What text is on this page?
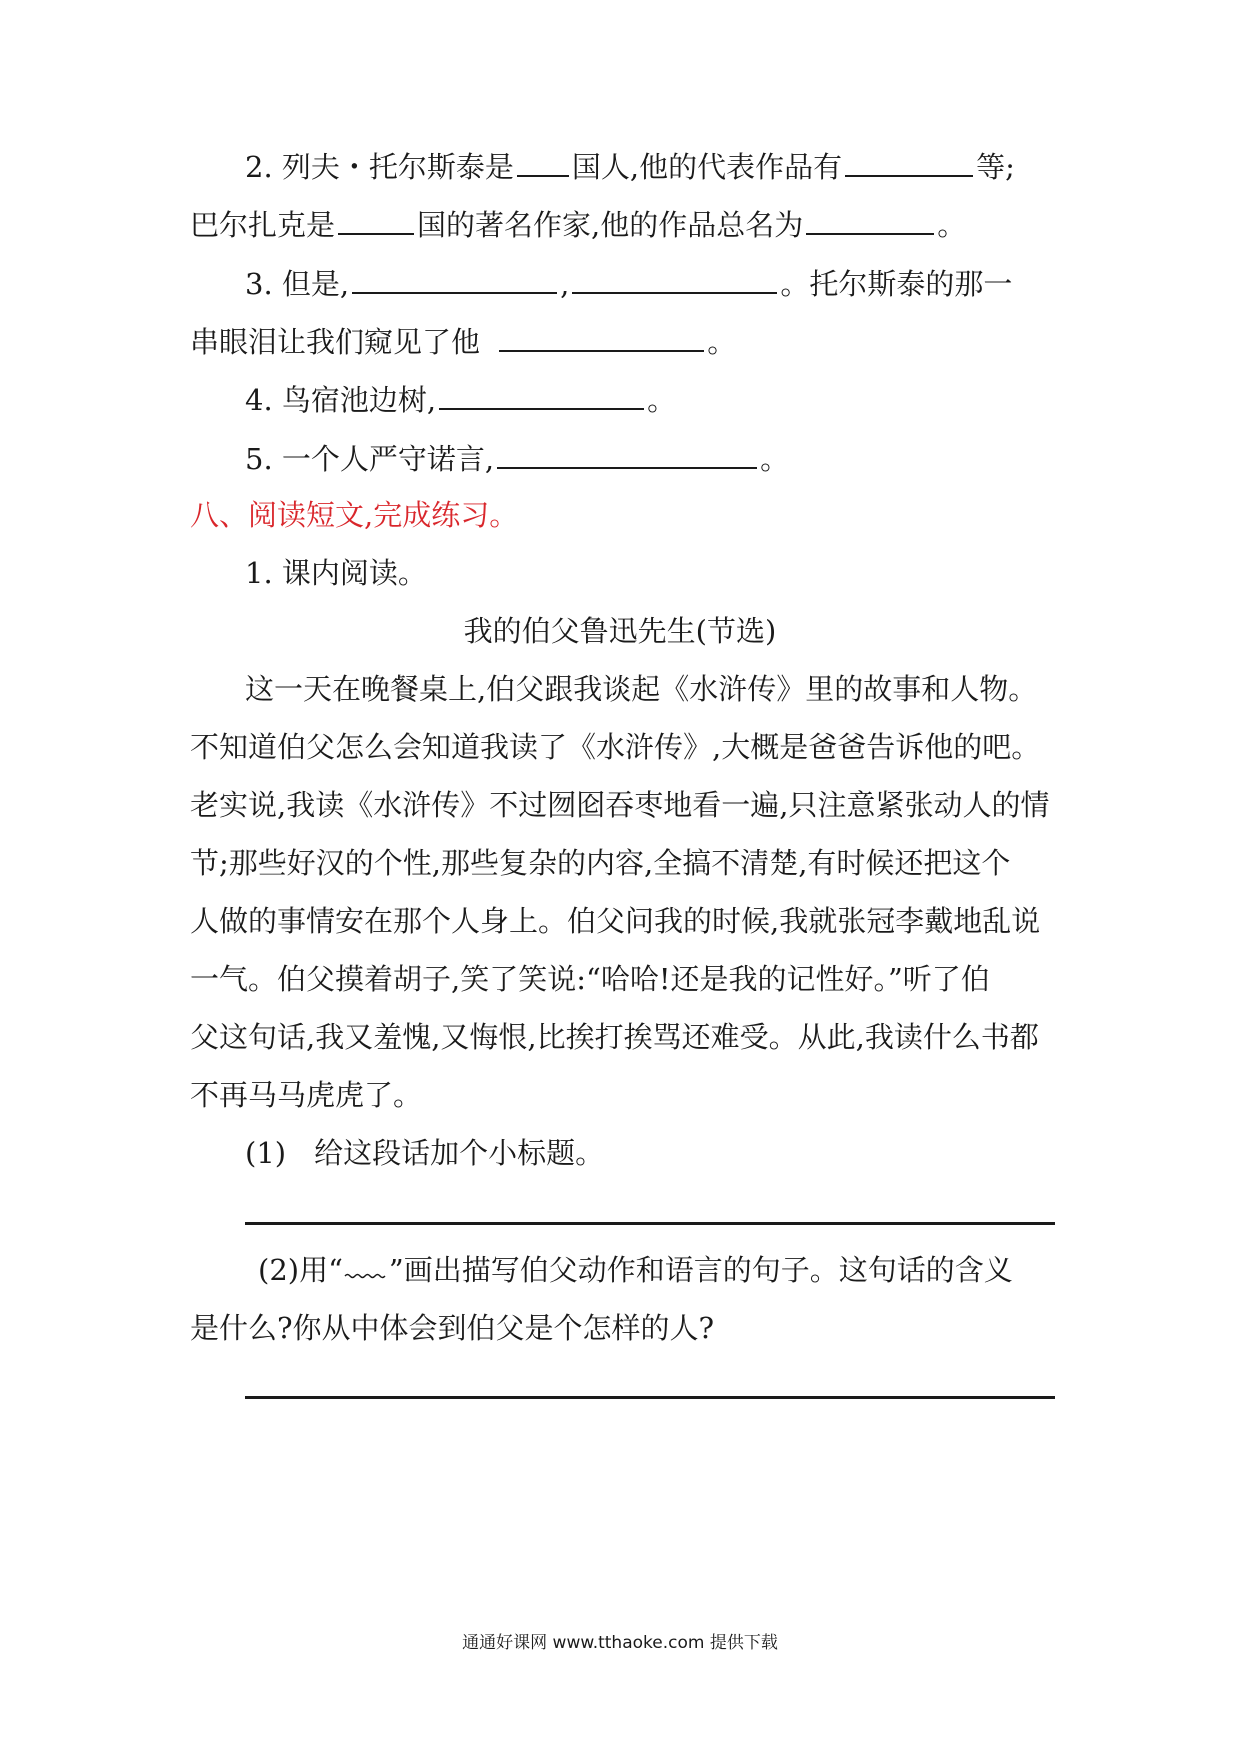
2. 列夫・托尔斯泰是 国人,他的代表作品有	等;
巴尔扎克是	国的著名作家,他的作品总名为	。
3. 但是,	,	。托尔斯泰的那一
串眼泪让我们窥见了他	。
4. 鸟宿池边树,	。
5. 一个人严守诺言,	。
八、阅读短文,完成练习。
1. 课内阅读。
我的伯父鲁迅先生(节选)
这一天在晚餐桌上,伯父跟我谈起《水浒传》里的故事和人物。
不知道伯父怎么会知道我读了《水浒传》,大概是爸爸告诉他的吧。
老实说,我读《水浒传》不过囫囵吞枣地看一遍,只注意紧张动人的情
节;那些好汉的个性,那些复杂的内容,全搞不清楚,有时候还把这个
人做的事情安在那个人身上。伯父问我的时候,我就张冠李戴地乱说
一气。伯父摸着胡子,笑了笑说:“哈哈!还是我的记性好。”听了伯
父这句话,我又羞愧,又悔恨,比挨打挨骂还难受。从此,我读什么书都
不再马马虎虎了。
(1) 给这段话加个小标题。
(2)用“ ”画出描写伯父动作和语言的句子。这句话的含义
是什么?你从中体会到伯父是个怎样的人?
通通好课网 www.tthaoke.com 提供下载
